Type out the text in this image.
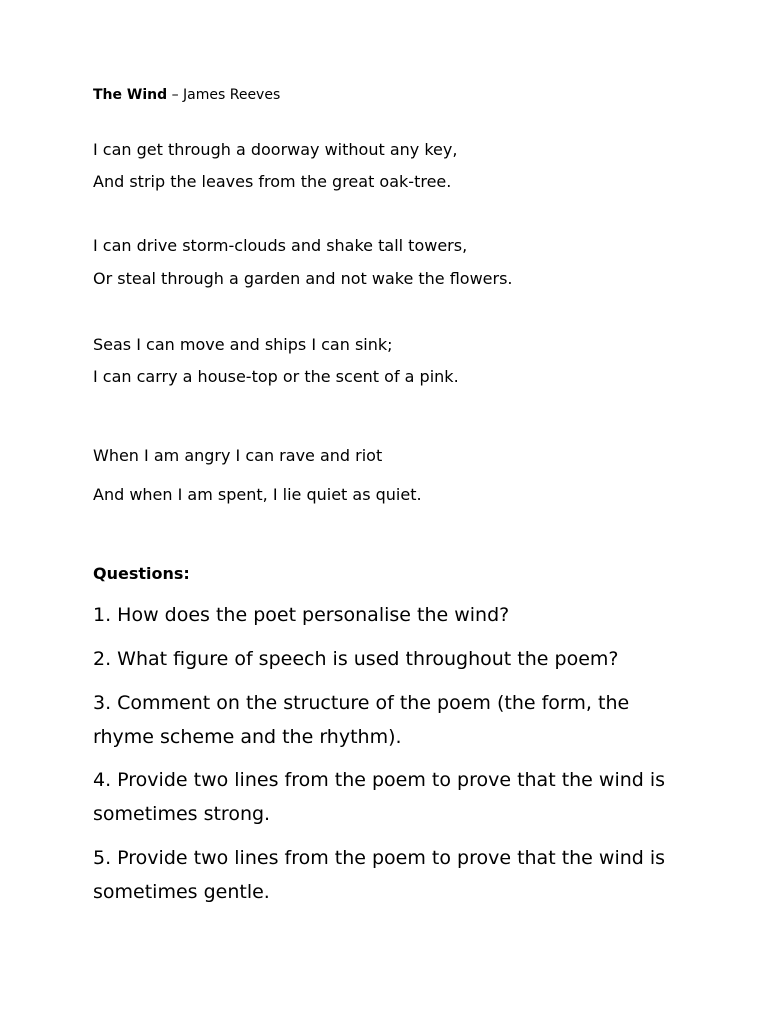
The Wind – James Reeves
I can get through a doorway without any key,
And strip the leaves from the great oak-tree.
I can drive storm-clouds and shake tall towers,
Or steal through a garden and not wake the flowers.
Seas I can move and ships I can sink;
I can carry a house-top or the scent of a pink.
When I am angry I can rave and riot
And when I am spent, I lie quiet as quiet.
Questions:
1. How does the poet personalise the wind?
2. What figure of speech is used throughout the poem?
3. Comment on the structure of the poem (the form, the rhyme scheme and the rhythm).
4. Provide two lines from the poem to prove that the wind is sometimes strong.
5. Provide two lines from the poem to prove that the wind is sometimes gentle.
